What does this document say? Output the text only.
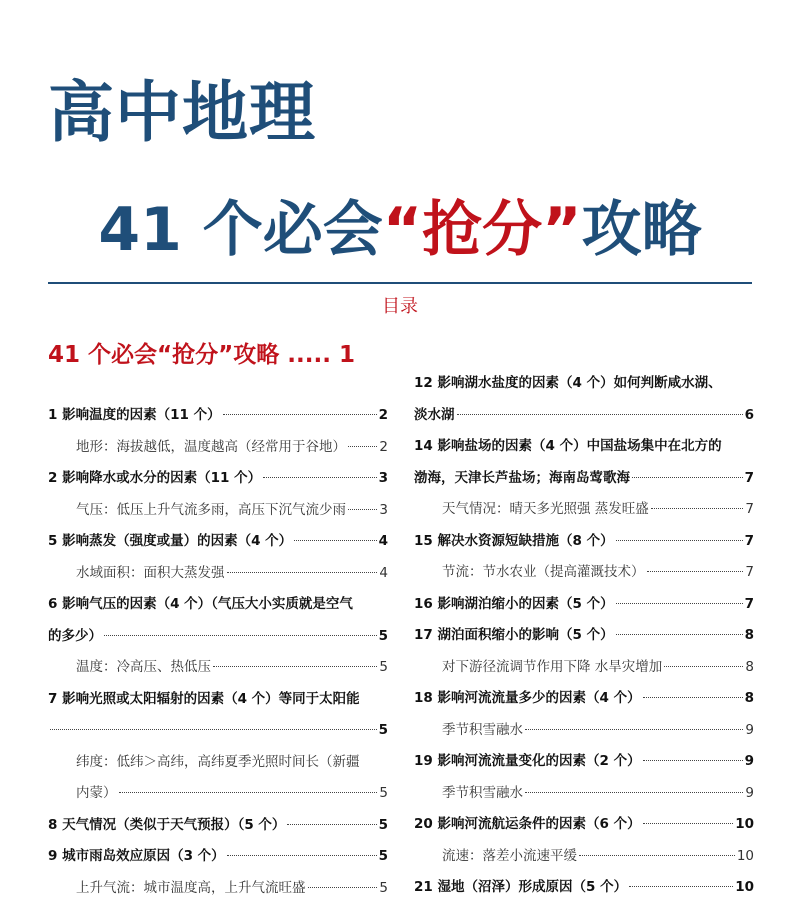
高中地理
41 个必会“抢分”攻略
目录
41 个必会“抢分”攻略 ..... 1
1 影响温度的因素（11 个）	2
地形：海拔越低，温度越高（经常用于谷地） 2
2 影响降水或水分的因素（11 个）	3
气压：低压上升气流多雨，高压下沉气流少雨 3
5 影响蒸发（强度或量）的因素（4 个）	4
水域面积：面积大蒸发强	4
6 影响气压的因素（4 个）（气压大小实质就是空气
的多少）	5
温度：冷高压、热低压	5
7 影响光照或太阳辐射的因素（4 个）等同于太阳能
5
纬度：低纬＞高纬，高纬夏季光照时间长（新疆
内蒙）	5
8 天气情况（类似于天气预报）（5 个）	5
9 城市雨岛效应原因（3 个）	5
上升气流：城市温度高，上升气流旺盛	5
12 影响湖水盐度的因素（4 个）如何判断咸水湖、
淡水湖	6
14 影响盐场的因素（4 个）中国盐场集中在北方的
渤海，天津长芦盐场；海南岛莺歌海	7
天气情况：晴天多光照强 蒸发旺盛	7
15 解决水资源短缺措施（8 个）	7
节流：节水农业（提高灌溉技术）	7
16 影响湖泊缩小的因素（5 个）	7
17 湖泊面积缩小的影响（5 个）	8
对下游径流调节作用下降 水旱灾增加	8
18 影响河流流量多少的因素（4 个）	8
季节积雪融水	9
19 影响河流流量变化的因素（2 个）	9
季节积雪融水	9
20 影响河流航运条件的因素（6 个）	10
流速：落差小流速平缓	10
21 湿地（沼泽）形成原因（5 个）	10
